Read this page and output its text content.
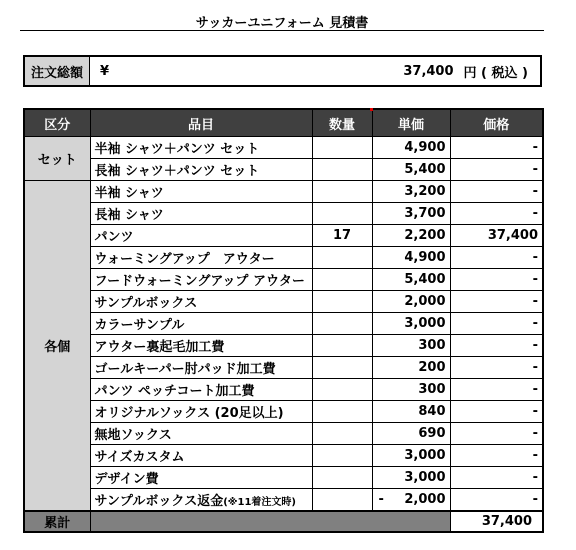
サッカーユニフォーム 見積書
注文総額	¥	37,400 円 ( 税込 )
区分	品目	数量	単価	価格
セット	半袖 シャツ＋パンツ セット		4,900	-
	長袖 シャツ＋パンツ セット		5,400	-
各個	半袖 シャツ		3,200	-
	長袖 シャツ		3,700	-
	パンツ	17	2,200	37,400
	ウォーミングアップ　アウター		4,900	-
	フードウォーミングアップ アウター		5,400	-
	サンプルボックス		2,000	-
	カラーサンプル		3,000	-
	アウター裏起毛加工費		300	-
	ゴールキーパー肘パッド加工費		200	-
	パンツ ペッチコート加工費		300	-
	オリジナルソックス (20足以上)		840	-
	無地ソックス		690	-
	サイズカスタム		3,000	-
	デザイン費		3,000	-
	サンプルボックス返金(※11着注文時)		- 2,000	-
累計				37,400
